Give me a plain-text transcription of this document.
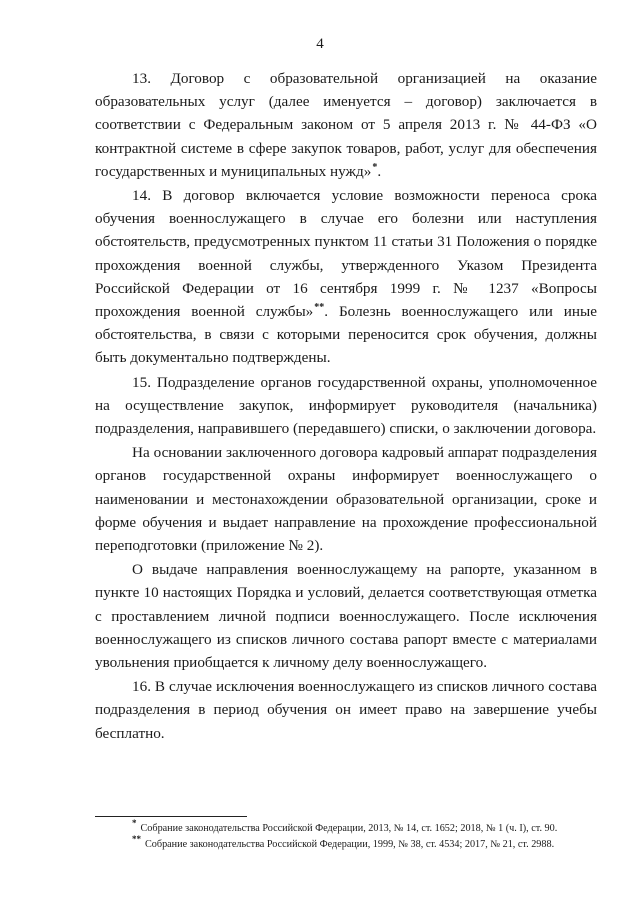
4

13. Договор с образовательной организацией на оказание образовательных услуг (далее именуется – договор) заключается в соответствии с Федеральным законом от 5 апреля 2013 г. № 44-ФЗ «О контрактной системе в сфере закупок товаров, работ, услуг для обеспечения государственных и муниципальных нужд»*.

14. В договор включается условие возможности переноса срока обучения военнослужащего в случае его болезни или наступления обстоятельств, предусмотренных пунктом 11 статьи 31 Положения о порядке прохождения военной службы, утвержденного Указом Президента Российской Федерации от 16 сентября 1999 г. № 1237 «Вопросы прохождения военной службы»**. Болезнь военнослужащего или иные обстоятельства, в связи с которыми переносится срок обучения, должны быть документально подтверждены.

15. Подразделение органов государственной охраны, уполномоченное на осуществление закупок, информирует руководителя (начальника) подразделения, направившего (передавшего) списки, о заключении договора.

На основании заключенного договора кадровый аппарат подразделения органов государственной охраны информирует военнослужащего о наименовании и местонахождении образовательной организации, сроке и форме обучения и выдает направление на прохождение профессиональной переподготовки (приложение № 2).

О выдаче направления военнослужащему на рапорте, указанном в пункте 10 настоящих Порядка и условий, делается соответствующая отметка с проставлением личной подписи военнослужащего. После исключения военнослужащего из списков личного состава рапорт вместе с материалами увольнения приобщается к личному делу военнослужащего.

16. В случае исключения военнослужащего из списков личного состава подразделения в период обучения он имеет право на завершение учебы бесплатно.

* Собрание законодательства Российской Федерации, 2013, № 14, ст. 1652; 2018, № 1 (ч. I), ст. 90.

** Собрание законодательства Российской Федерации, 1999, № 38, ст. 4534; 2017, № 21, ст. 2988.
